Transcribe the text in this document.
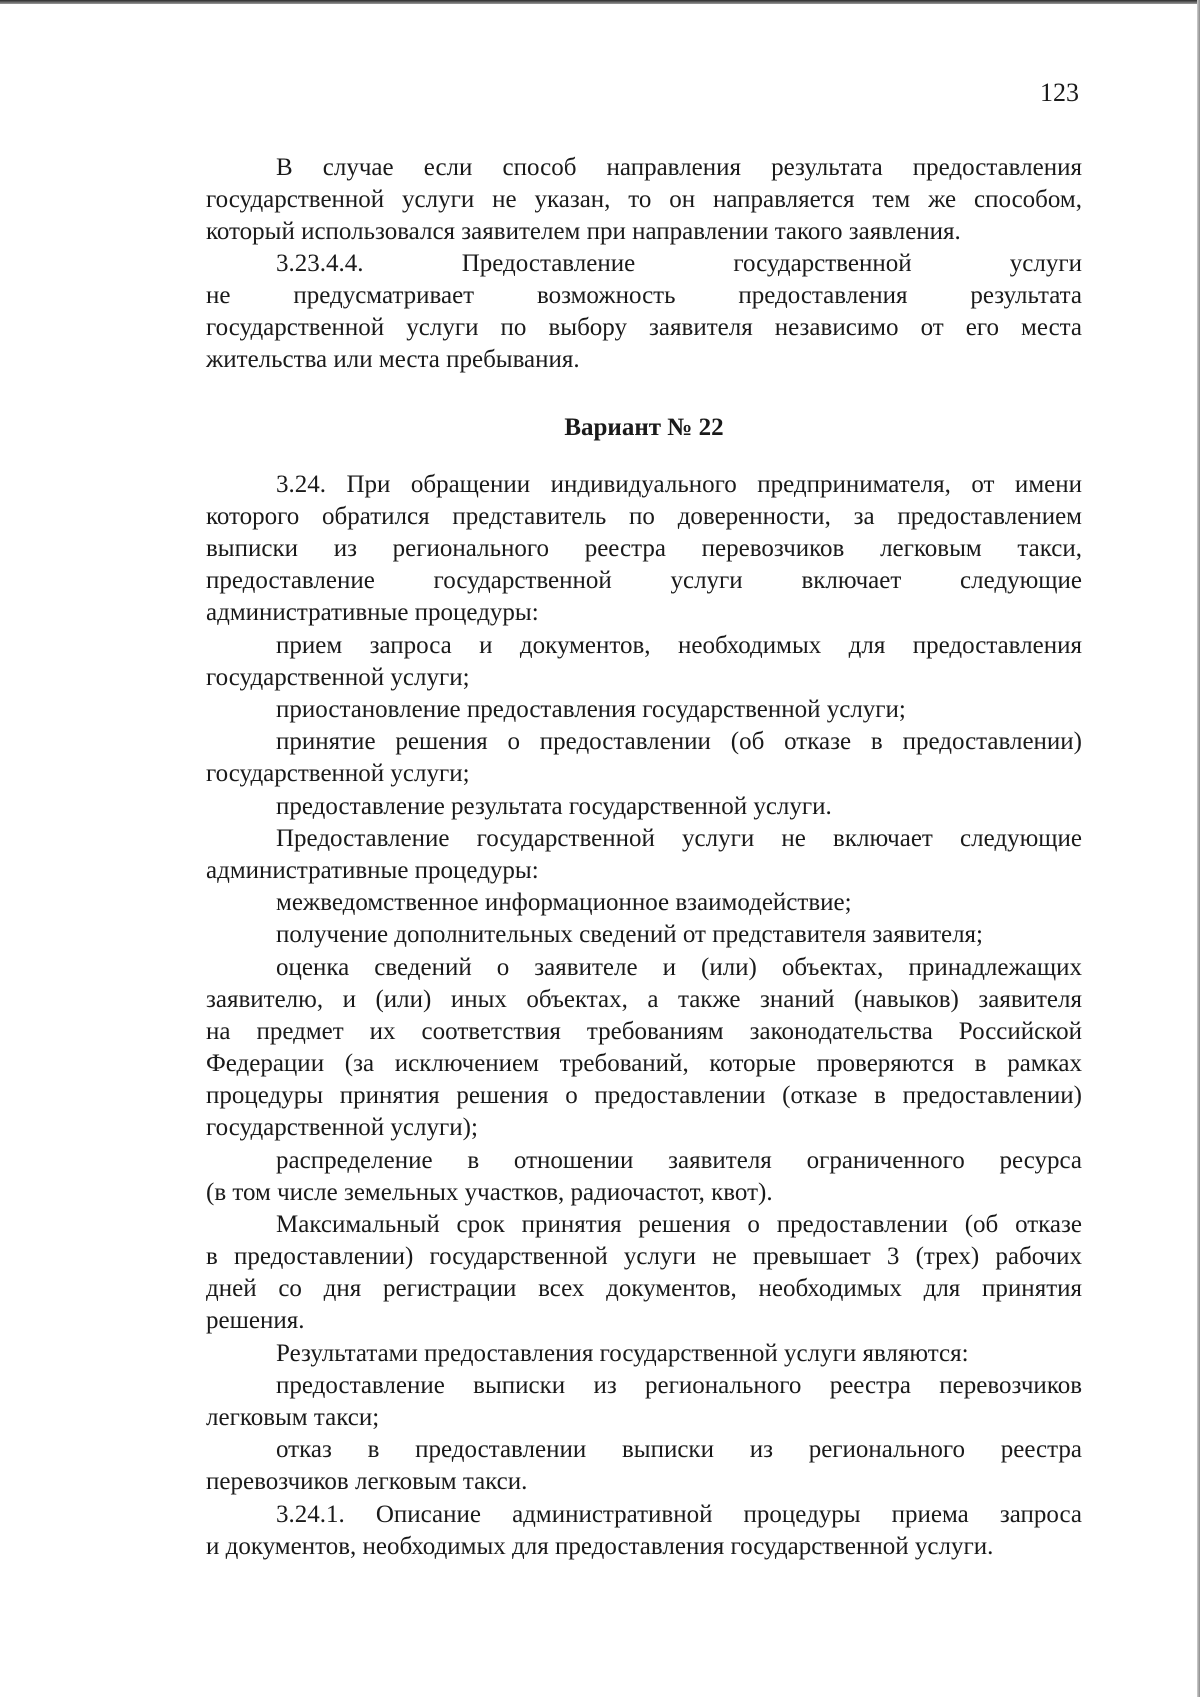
123
Вариант № 22
В случае если способ направления результата предоставления
государственной услуги не указан, то он направляется тем же способом,
который использовался заявителем при направлении такого заявления.
3.23.4.4. Предоставление государственной услуги
не предусматривает возможность предоставления результата
государственной услуги по выбору заявителя независимо от его места
жительства или места пребывания.
3.24. При обращении индивидуального предпринимателя, от имени
которого обратился представитель по доверенности, за предоставлением
выписки из регионального реестра перевозчиков легковым такси,
предоставление государственной услуги включает следующие
административные процедуры:
прием запроса и документов, необходимых для предоставления
государственной услуги;
приостановление предоставления государственной услуги;
принятие решения о предоставлении (об отказе в предоставлении)
государственной услуги;
предоставление результата государственной услуги.
Предоставление государственной услуги не включает следующие
административные процедуры:
межведомственное информационное взаимодействие;
получение дополнительных сведений от представителя заявителя;
оценка сведений о заявителе и (или) объектах, принадлежащих
заявителю, и (или) иных объектах, а также знаний (навыков) заявителя
на предмет их соответствия требованиям законодательства Российской
Федерации (за исключением требований, которые проверяются в рамках
процедуры принятия решения о предоставлении (отказе в предоставлении)
государственной услуги);
распределение в отношении заявителя ограниченного ресурса
(в том числе земельных участков, радиочастот, квот).
Максимальный срок принятия решения о предоставлении (об отказе
в предоставлении) государственной услуги не превышает 3 (трех) рабочих
дней со дня регистрации всех документов, необходимых для принятия
решения.
Результатами предоставления государственной услуги являются:
предоставление выписки из регионального реестра перевозчиков
легковым такси;
отказ в предоставлении выписки из регионального реестра
перевозчиков легковым такси.
3.24.1. Описание административной процедуры приема запроса
и документов, необходимых для предоставления государственной услуги.
